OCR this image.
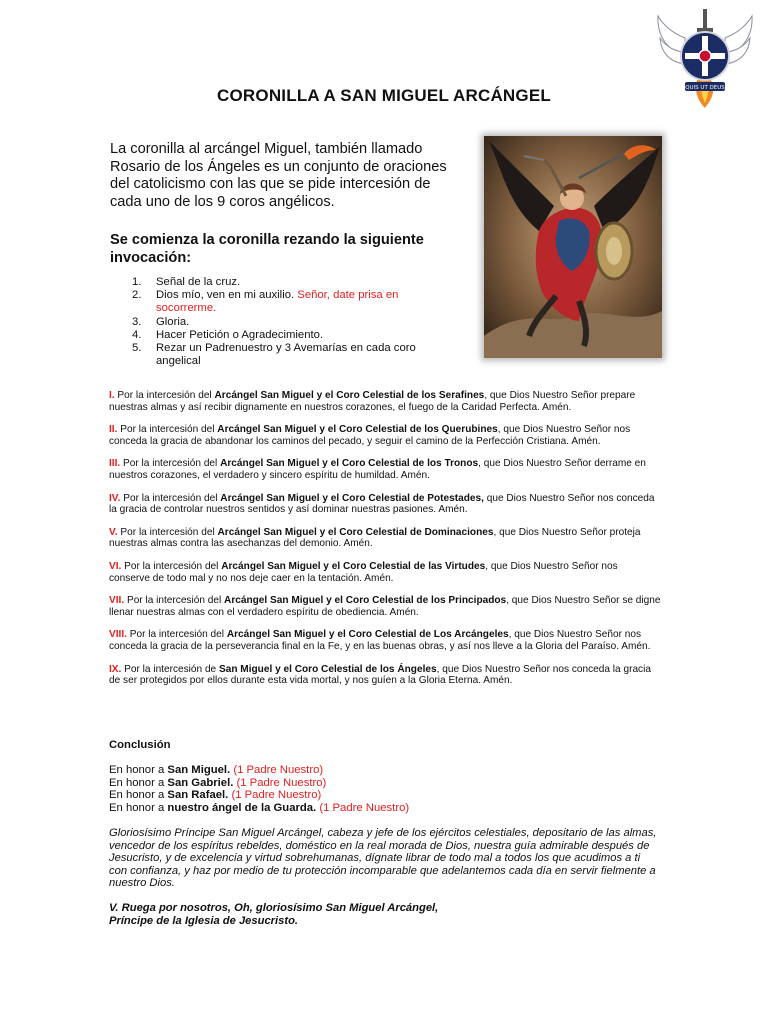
QUIS UT DEUS
CORONILLA A SAN MIGUEL ARCÁNGEL
La coronilla al arcángel Miguel, también llamado Rosario de los Ángeles es un conjunto de oraciones del catolicismo con las que se pide intercesión de cada uno de los 9 coros angélicos.
Se comienza la coronilla rezando la siguiente invocación:
1. Señal de la cruz.
2. Dios mío, ven en mi auxilio. Señor, date prisa en socorrerme.
3. Gloria.
4. Hacer Petición o Agradecimiento.
5. Rezar un Padrenuestro y 3 Avemarías en cada coro angelical

I. Por la intercesión del Arcángel San Miguel y el Coro Celestial de los Serafines, que Dios Nuestro Señor prepare nuestras almas y así recibir dignamente en nuestros corazones, el fuego de la Caridad Perfecta. Amén.

II. Por la intercesión del Arcángel San Miguel y el Coro Celestial de los Querubines, que Dios Nuestro Señor nos conceda la gracia de abandonar los caminos del pecado, y seguir el camino de la Perfección Cristiana. Amén.

III. Por la intercesión del Arcángel San Miguel y el Coro Celestial de los Tronos, que Dios Nuestro Señor derrame en nuestros corazones, el verdadero y sincero espíritu de humildad. Amén.

IV. Por la intercesión del Arcángel San Miguel y el Coro Celestial de Potestades, que Dios Nuestro Señor nos conceda la gracia de controlar nuestros sentidos y así dominar nuestras pasiones. Amén.

V. Por la intercesión del Arcángel San Miguel y el Coro Celestial de Dominaciones, que Dios Nuestro Señor proteja nuestras almas contra las asechanzas del demonio. Amén.

VI. Por la intercesión del Arcángel San Miguel y el Coro Celestial de las Virtudes, que Dios Nuestro Señor nos conserve de todo mal y no nos deje caer en la tentación. Amén.

VII. Por la intercesión del Arcángel San Miguel y el Coro Celestial de los Principados, que Dios Nuestro Señor se digne llenar nuestras almas con el verdadero espíritu de obediencia. Amén.

VIII. Por la intercesión del Arcángel San Miguel y el Coro Celestial de Los Arcángeles, que Dios Nuestro Señor nos conceda la gracia de la perseverancia final en la Fe, y en las buenas obras, y así nos lleve a la Gloria del Paraíso. Amén.

IX. Por la intercesión de San Miguel y el Coro Celestial de los Ángeles, que Dios Nuestro Señor nos conceda la gracia de ser protegidos por ellos durante esta vida mortal, y nos guíen a la Gloria Eterna. Amén.

Conclusión
En honor a San Miguel. (1 Padre Nuestro)
En honor a San Gabriel. (1 Padre Nuestro)
En honor a San Rafael. (1 Padre Nuestro)
En honor a nuestro ángel de la Guarda. (1 Padre Nuestro)
Gloriosísimo Príncipe San Miguel Arcángel, cabeza y jefe de los ejércitos celestiales, depositario de las almas, vencedor de los espíritus rebeldes, doméstico en la real morada de Dios, nuestra guía admirable después de Jesucristo, y de excelencia y virtud sobrehumanas, dígnate librar de todo mal a todos los que acudimos a ti con confianza, y haz por medio de tu protección incomparable que adelantemos cada día en servir fielmente a nuestro Dios.
V. Ruega por nosotros, Oh, gloriosísimo San Miguel Arcángel,
Príncipe de la Iglesia de Jesucristo.
